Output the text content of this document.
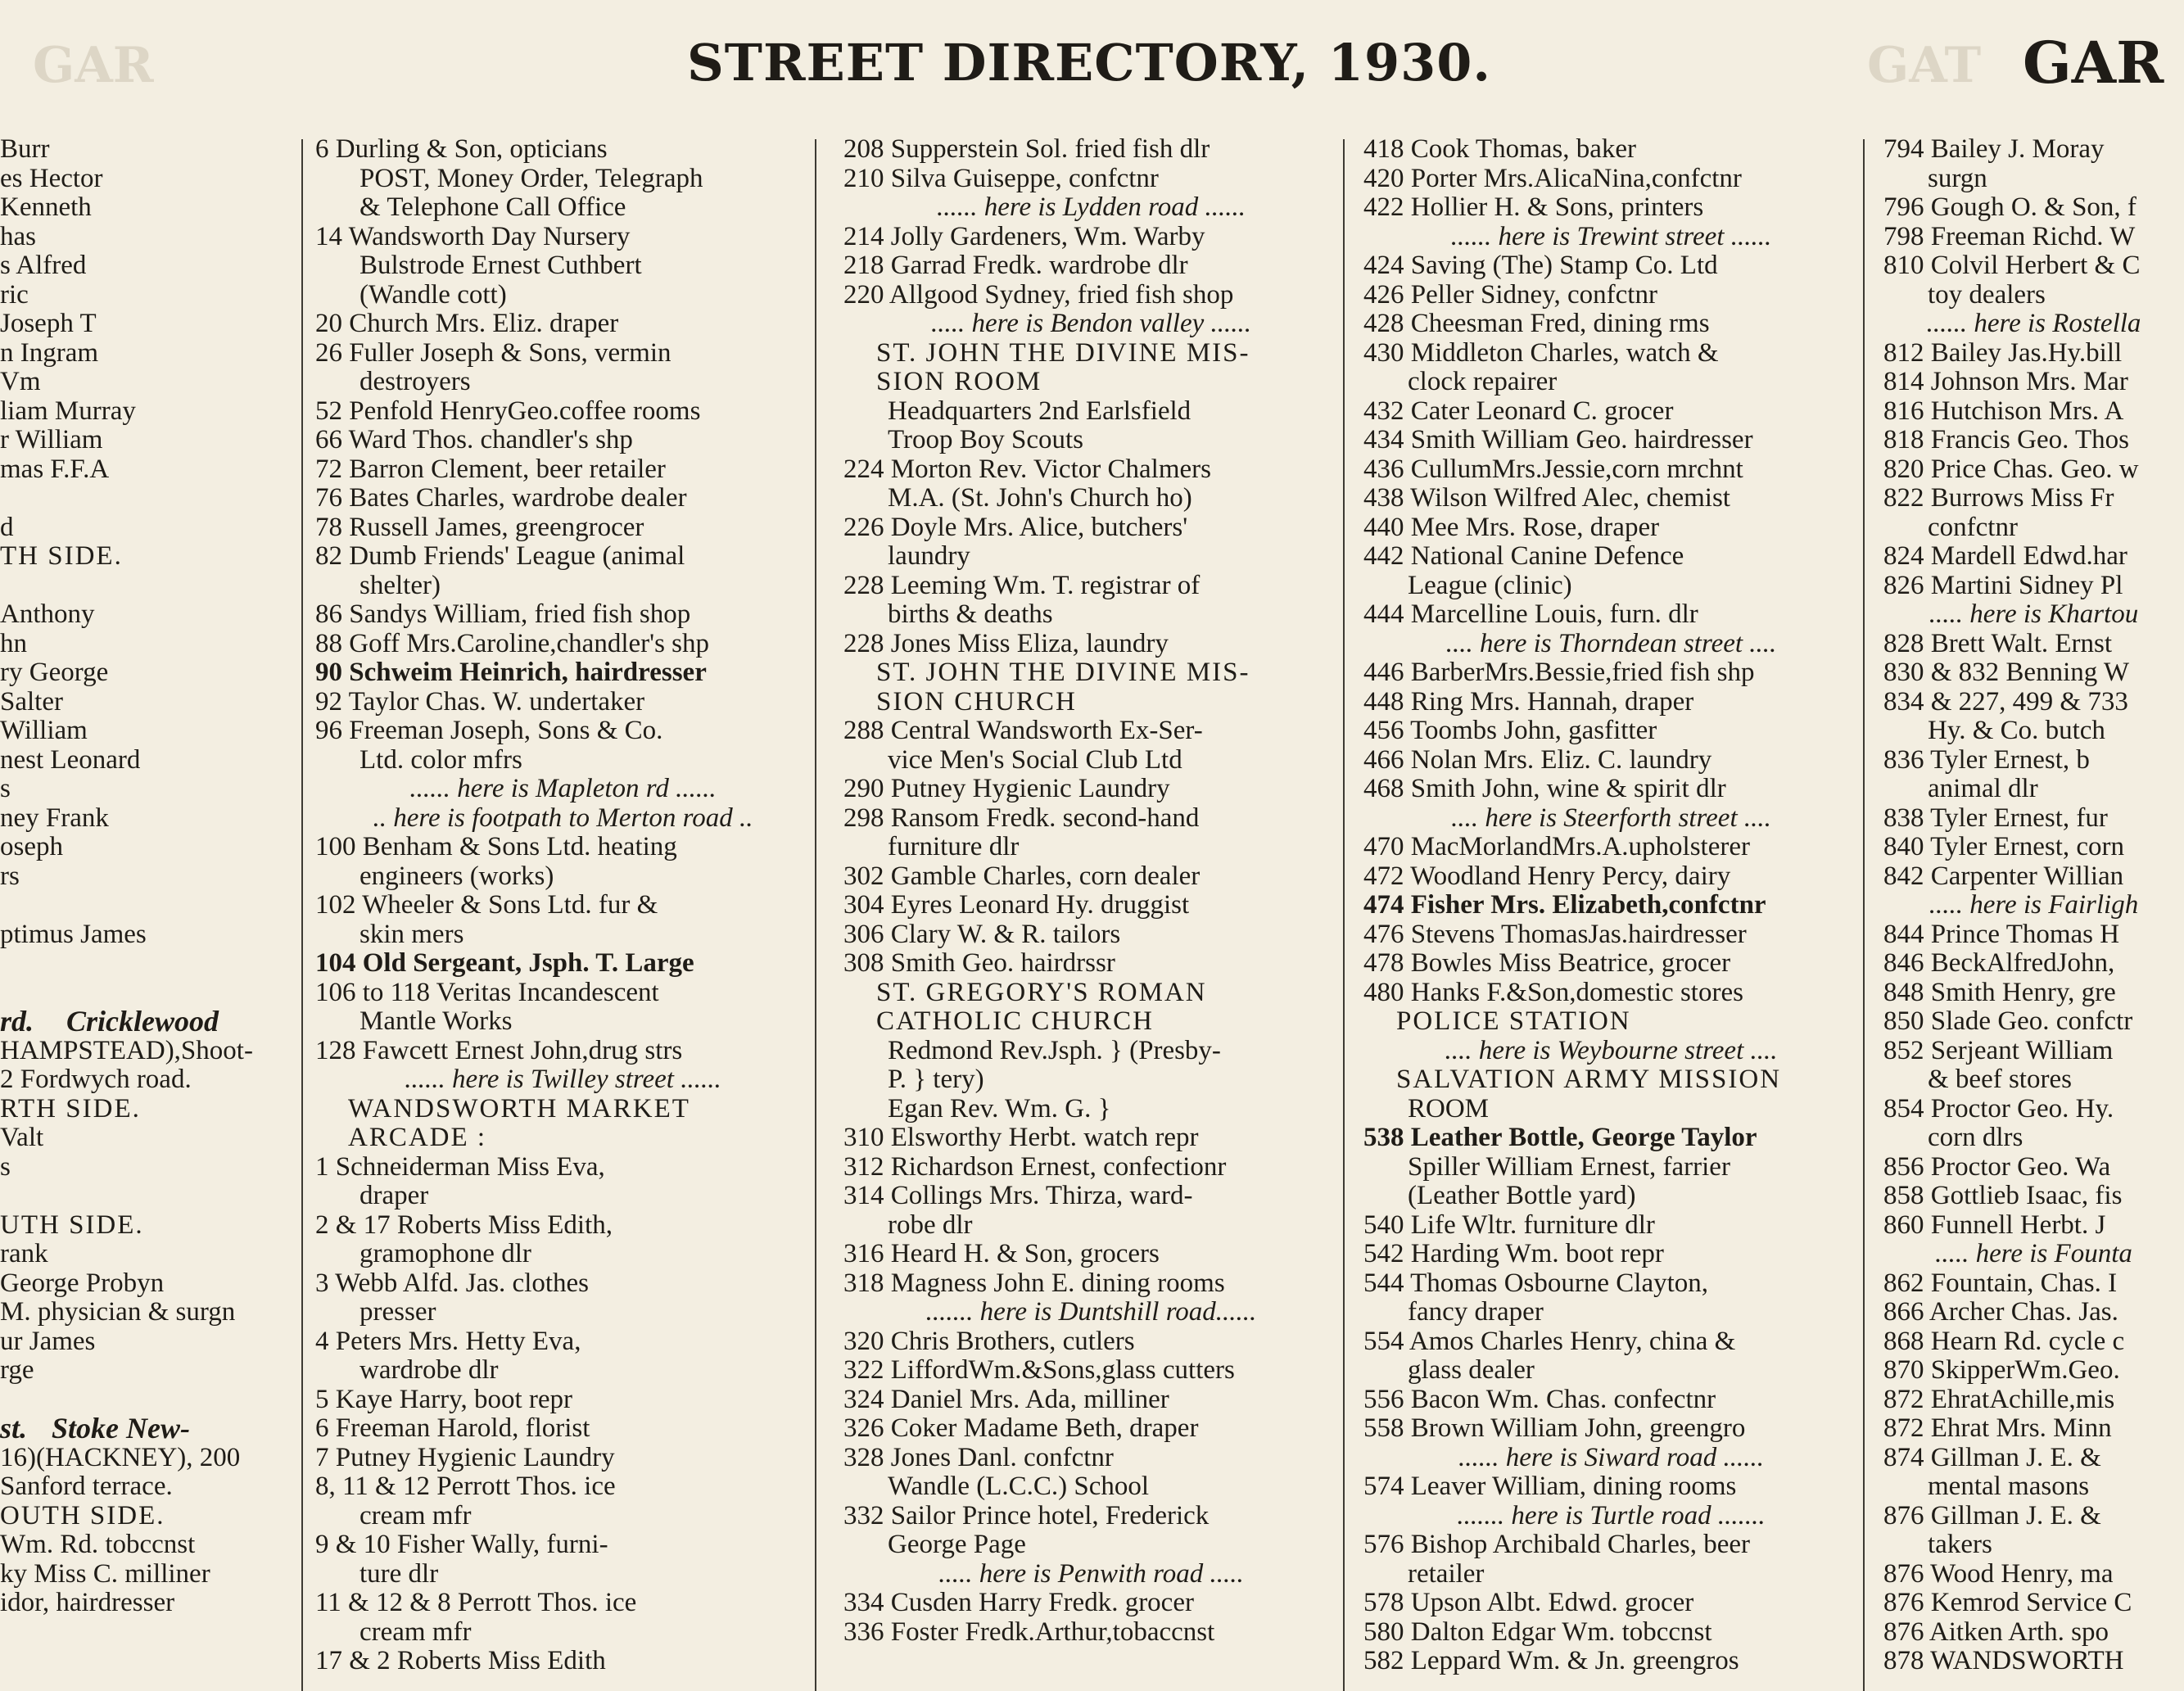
GAR	STREET DIRECTORY, 1930.	GAT GAR
Burr
es Hector
Kenneth
has
s Alfred
ric
Joseph T
n Ingram
Vm
liam Murray
r William
mas F.F.A
d
TH SIDE.
Anthony
hn
ry George
Salter
William
nest Leonard
s
ney Frank
oseph
rs
ptimus James
rd. Cricklewood
HAMPSTEAD),Shoot-
2 Fordwych road.
RTH SIDE.
Valt
s
UTH SIDE.
rank
George Probyn
M. physician & surgn
ur James
rge
st. Stoke New-
16)(HACKNEY), 200
Sanford terrace.
OUTH SIDE.
Wm. Rd. tobccnst
ky Miss C. milliner
idor, hairdresser
6 Durling & Son, opticians
POST, Money Order, Telegraph
& Telephone Call Office
14 Wandsworth Day Nursery
Bulstrode Ernest Cuthbert
(Wandle cott)
20 Church Mrs. Eliz. draper
26 Fuller Joseph & Sons, vermin
destroyers
52 Penfold HenryGeo.coffee rooms
66 Ward Thos. chandler's shp
72 Barron Clement, beer retailer
76 Bates Charles, wardrobe dealer
78 Russell James, greengrocer
82 Dumb Friends' League (animal
shelter)
86 Sandys William, fried fish shop
88 Goff Mrs.Caroline,chandler's shp
90 Schweim Heinrich, hairdresser
92 Taylor Chas. W. undertaker
96 Freeman Joseph, Sons & Co.
Ltd. color mfrs
...... here is Mapleton rd ......
.. here is footpath to Merton road ..
100 Benham & Sons Ltd. heating
engineers (works)
102 Wheeler & Sons Ltd. fur &
skin mers
104 Old Sergeant, Jsph. T. Large
106 to 118 Veritas Incandescent
Mantle Works
128 Fawcett Ernest John,drug strs
...... here is Twilley street ......
WANDSWORTH MARKET
ARCADE :
1 Schneiderman Miss Eva,
draper
2 & 17 Roberts Miss Edith,
gramophone dlr
3 Webb Alfd. Jas. clothes
presser
4 Peters Mrs. Hetty Eva,
wardrobe dlr
5 Kaye Harry, boot repr
6 Freeman Harold, florist
7 Putney Hygienic Laundry
8, 11 & 12 Perrott Thos. ice
cream mfr
9 & 10 Fisher Wally, furni-
ture dlr
11 & 12 & 8 Perrott Thos. ice
cream mfr
17 & 2 Roberts Miss Edith
208 Supperstein Sol. fried fish dlr
210 Silva Guiseppe, confctnr
...... here is Lydden road ......
214 Jolly Gardeners, Wm. Warby
218 Garrad Fredk. wardrobe dlr
220 Allgood Sydney, fried fish shop
..... here is Bendon valley ......
ST. JOHN THE DIVINE MIS-
SION ROOM
Headquarters 2nd Earlsfield
Troop Boy Scouts
224 Morton Rev. Victor Chalmers
M.A. (St. John's Church ho)
226 Doyle Mrs. Alice, butchers'
laundry
228 Leeming Wm. T. registrar of
births & deaths
228 Jones Miss Eliza, laundry
ST. JOHN THE DIVINE MIS-
SION CHURCH
288 Central Wandsworth Ex-Ser-
vice Men's Social Club Ltd
290 Putney Hygienic Laundry
298 Ransom Fredk. second-hand
furniture dlr
302 Gamble Charles, corn dealer
304 Eyres Leonard Hy. druggist
306 Clary W. & R. tailors
308 Smith Geo. hairdrssr
ST. GREGORY'S ROMAN
CATHOLIC CHURCH
Redmond Rev.Jsph. } (Presby-
P. } tery)
Egan Rev. Wm. G. }
310 Elsworthy Herbt. watch repr
312 Richardson Ernest, confectionr
314 Collings Mrs. Thirza, ward-
robe dlr
316 Heard H. & Son, grocers
318 Magness John E. dining rooms
....... here is Duntshill road......
320 Chris Brothers, cutlers
322 LiffordWm.&Sons,glass cutters
324 Daniel Mrs. Ada, milliner
326 Coker Madame Beth, draper
328 Jones Danl. confctnr
Wandle (L.C.C.) School
332 Sailor Prince hotel, Frederick
George Page
..... here is Penwith road .....
334 Cusden Harry Fredk. grocer
336 Foster Fredk.Arthur,tobaccnst
418 Cook Thomas, baker
420 Porter Mrs.AlicaNina,confctnr
422 Hollier H. & Sons, printers
...... here is Trewint street ......
424 Saving (The) Stamp Co. Ltd
426 Peller Sidney, confctnr
428 Cheesman Fred, dining rms
430 Middleton Charles, watch &
clock repairer
432 Cater Leonard C. grocer
434 Smith William Geo. hairdresser
436 CullumMrs.Jessie,corn mrchnt
438 Wilson Wilfred Alec, chemist
440 Mee Mrs. Rose, draper
442 National Canine Defence
League (clinic)
444 Marcelline Louis, furn. dlr
.... here is Thorndean street ....
446 BarberMrs.Bessie,fried fish shp
448 Ring Mrs. Hannah, draper
456 Toombs John, gasfitter
466 Nolan Mrs. Eliz. C. laundry
468 Smith John, wine & spirit dlr
.... here is Steerforth street ....
470 MacMorlandMrs.A.upholsterer
472 Woodland Henry Percy, dairy
474 Fisher Mrs. Elizabeth,confctnr
476 Stevens ThomasJas.hairdresser
478 Bowles Miss Beatrice, grocer
480 Hanks F.&Son,domestic stores
POLICE STATION
.... here is Weybourne street ....
SALVATION ARMY MISSION
ROOM
538 Leather Bottle, George Taylor
Spiller William Ernest, farrier
(Leather Bottle yard)
540 Life Wltr. furniture dlr
542 Harding Wm. boot repr
544 Thomas Osbourne Clayton,
fancy draper
554 Amos Charles Henry, china &
glass dealer
556 Bacon Wm. Chas. confectnr
558 Brown William John, greengro
...... here is Siward road ......
574 Leaver William, dining rooms
....... here is Turtle road .......
576 Bishop Archibald Charles, beer
retailer
578 Upson Albt. Edwd. grocer
580 Dalton Edgar Wm. tobccnst
582 Leppard Wm. & Jn. greengros
794 Bailey J. Moray
surgn
796 Gough O. & Son, f
798 Freeman Richd. W
810 Colvil Herbert & C
toy dealers
...... here is Rostella
812 Bailey Jas.Hy.bill
814 Johnson Mrs. Mar
816 Hutchison Mrs. A
818 Francis Geo. Thos
820 Price Chas. Geo. w
822 Burrows Miss Fr
confctnr
824 Mardell Edwd.har
826 Martini Sidney Pl
..... here is Khartou
828 Brett Walt. Ernst
830 & 832 Benning W
834 & 227, 499 & 733
Hy. & Co. butch
836 Tyler Ernest, b
animal dlr
838 Tyler Ernest, fur
840 Tyler Ernest, corn
842 Carpenter Willian
..... here is Fairligh
844 Prince Thomas H
846 BeckAlfredJohn,
848 Smith Henry, gre
850 Slade Geo. confctr
852 Serjeant William
& beef stores
854 Proctor Geo. Hy.
corn dlrs
856 Proctor Geo. Wa
858 Gottlieb Isaac, fis
860 Funnell Herbt. J
..... here is Founta
862 Fountain, Chas. I
866 Archer Chas. Jas.
868 Hearn Rd. cycle c
870 SkipperWm.Geo.
872 EhratAchille,mis
872 Ehrat Mrs. Minn
874 Gillman J. E. &
mental masons
876 Gillman J. E. &
takers
876 Wood Henry, ma
876 Kemrod Service C
876 Aitken Arth. spo
878 WANDSWORTH
